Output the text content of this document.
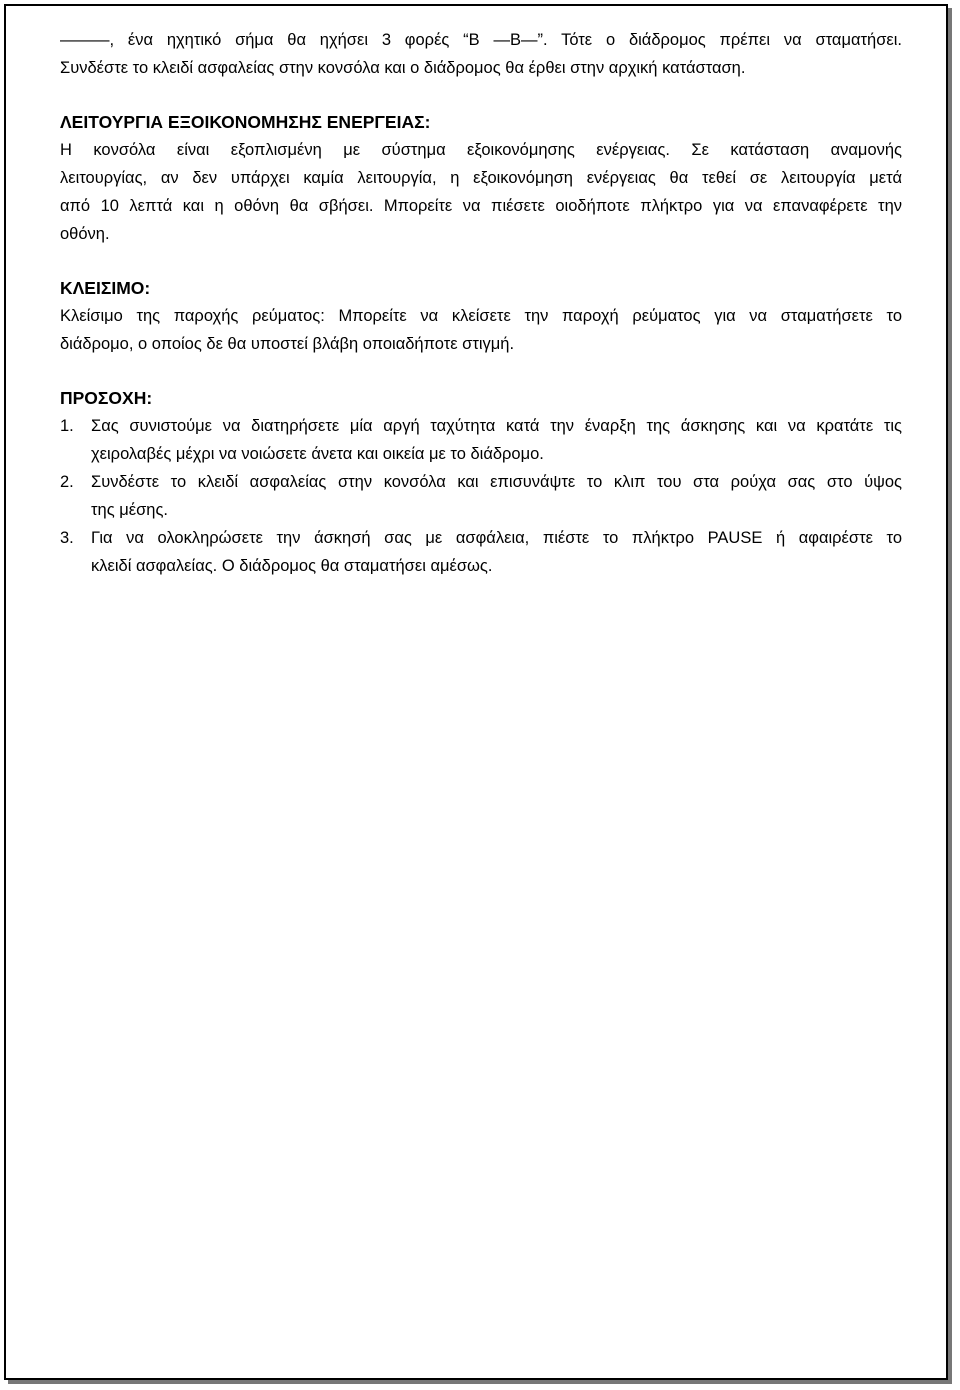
———, ένα ηχητικό σήμα θα ηχήσει 3 φορές “Β —Β—”. Τότε ο διάδρομος πρέπει να σταματήσει.
Συνδέστε το κλειδί ασφαλείας στην κονσόλα και ο διάδρομος θα έρθει στην αρχική κατάσταση.
ΛΕΙΤΟΥΡΓΙΑ ΕΞΟΙΚΟΝΟΜΗΣΗΣ ΕΝΕΡΓΕΙΑΣ:
Η κονσόλα είναι εξοπλισμένη με σύστημα εξοικονόμησης ενέργειας. Σε κατάσταση αναμονής
λειτουργίας, αν δεν υπάρχει καμία λειτουργία, η εξοικονόμηση ενέργειας θα τεθεί σε λειτουργία μετά
από 10 λεπτά και η οθόνη θα σβήσει. Μπορείτε να πιέσετε οιοδήποτε πλήκτρο για να επαναφέρετε την
οθόνη.
ΚΛΕΙΣΙΜΟ:
Κλείσιμο της παροχής ρεύματος: Μπορείτε να κλείσετε την παροχή ρεύματος για να σταματήσετε το
διάδρομο, ο οποίος δε θα υποστεί βλάβη οποιαδήποτε στιγμή.
ΠΡΟΣΟΧΗ:
1. Σας συνιστούμε να διατηρήσετε μία αργή ταχύτητα κατά την έναρξη της άσκησης και να κρατάτε τις
χειρολαβές μέχρι να νοιώσετε άνετα και οικεία με το διάδρομο.
2. Συνδέστε το κλειδί ασφαλείας στην κονσόλα και επισυνάψτε το κλιπ του στα ρούχα σας στο ύψος
της μέσης.
3. Για να ολοκληρώσετε την άσκησή σας με ασφάλεια, πιέστε το πλήκτρο PAUSE ή αφαιρέστε το
κλειδί ασφαλείας. Ο διάδρομος θα σταματήσει αμέσως.
